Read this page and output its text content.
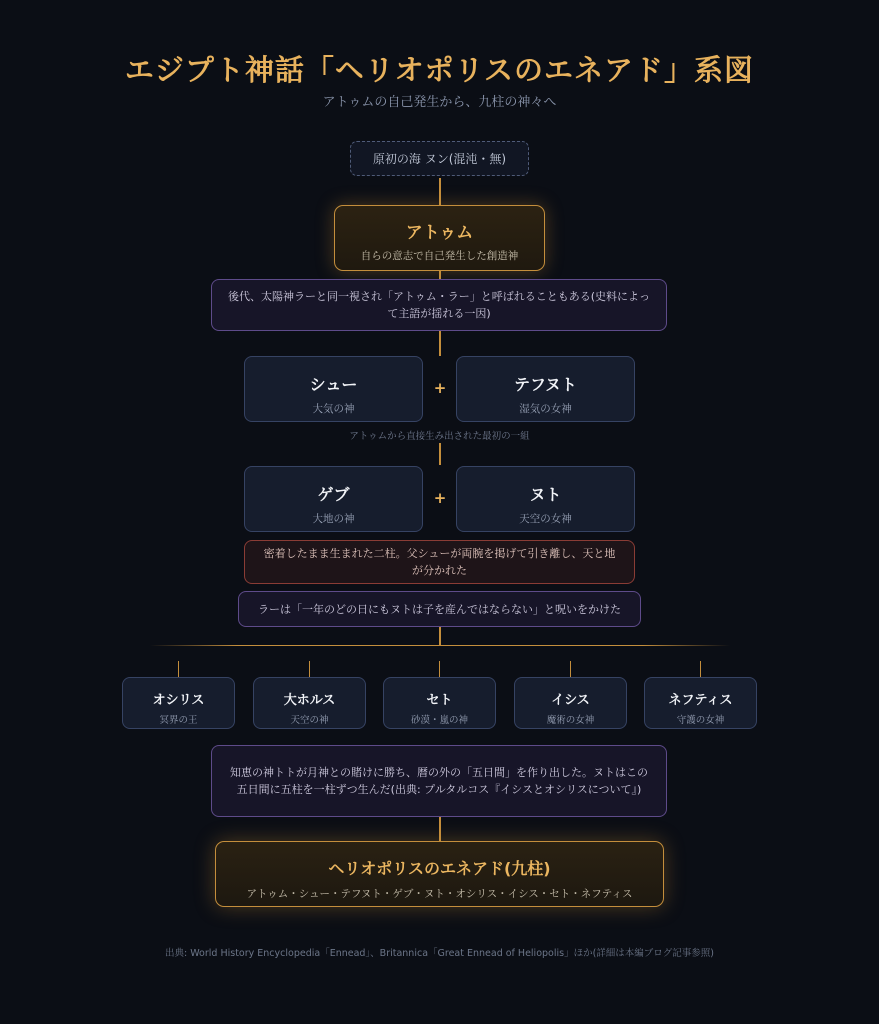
エジプト神話「ヘリオポリスのエネアド」系図
アトゥムの自己発生から、九柱の神々へ
原初の海 ヌン(混沌・無)
アトゥム
自らの意志で自己発生した創造神
後代、太陽神ラーと同一視され「アトゥム・ラー」と呼ばれることもある(史料によって主語が揺れる一因)
シュー
大気の神
+	テフヌト
湿気の女神
アトゥムから直接生み出された最初の一組
ゲブ
大地の神
+	ヌト
天空の女神
密着したまま生まれた二柱。父シューが両腕を掲げて引き離し、天と地が分かれた
ラーは「一年のどの日にもヌトは子を産んではならない」と呪いをかけた
オシリス
冥界の王
大ホルス
天空の神
セト
砂漠・嵐の神
イシス
魔術の女神
ネフティス
守護の女神
知恵の神トトが月神との賭けに勝ち、暦の外の「五日間」を作り出した。ヌトはこの五日間に五柱を一柱ずつ生んだ(出典: プルタルコス『イシスとオシリスについて』)
ヘリオポリスのエネアド(九柱)
アトゥム・シュー・テフヌト・ゲブ・ヌト・オシリス・イシス・セト・ネフティス
出典: World History Encyclopedia「Ennead」、Britannica「Great Ennead of Heliopolis」ほか(詳細は本編ブログ記事参照)
